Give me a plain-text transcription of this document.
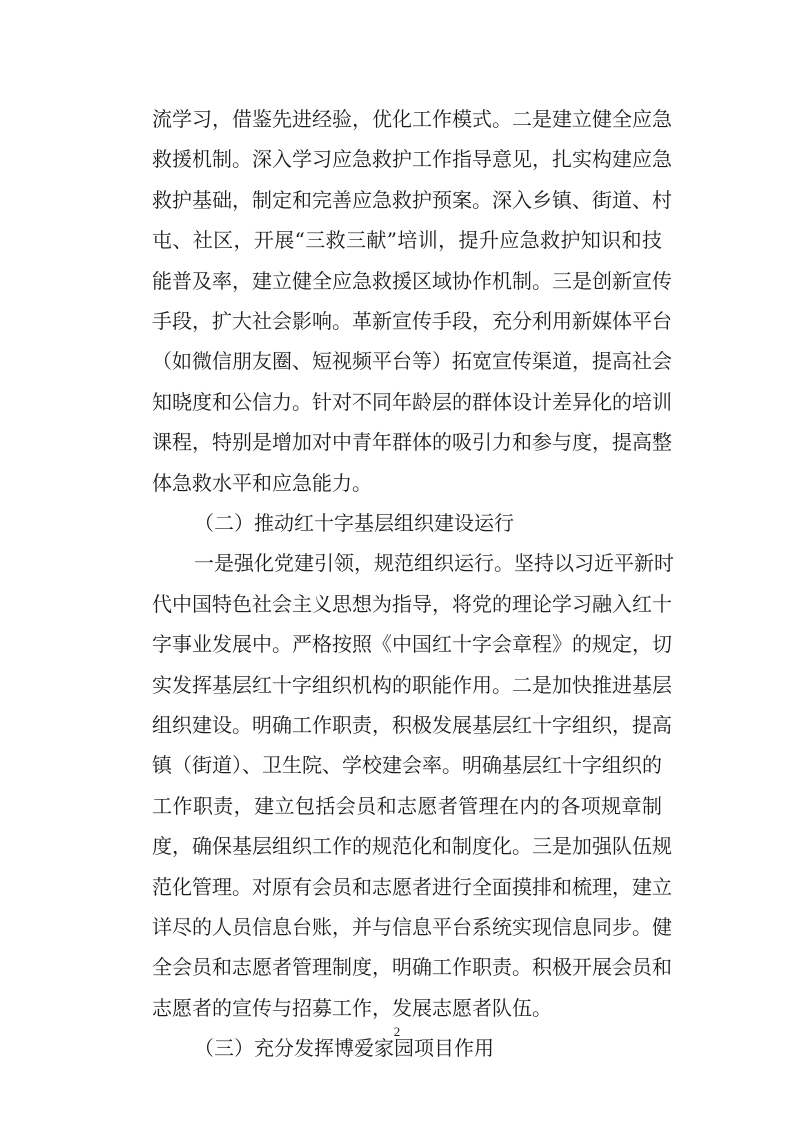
流学习，借鉴先进经验，优化工作模式。二是建立健全应急
救援机制。深入学习应急救护工作指导意见，扎实构建应急
救护基础，制定和完善应急救护预案。深入乡镇、街道、村
屯、社区，开展“三救三献”培训，提升应急救护知识和技
能普及率，建立健全应急救援区域协作机制。三是创新宣传
手段，扩大社会影响。革新宣传手段，充分利用新媒体平台
（如微信朋友圈、短视频平台等）拓宽宣传渠道，提高社会
知晓度和公信力。针对不同年龄层的群体设计差异化的培训
课程，特别是增加对中青年群体的吸引力和参与度，提高整
体急救水平和应急能力。
（二）推动红十字基层组织建设运行
一是强化党建引领，规范组织运行。坚持以习近平新时
代中国特色社会主义思想为指导，将党的理论学习融入红十
字事业发展中。严格按照《中国红十字会章程》的规定，切
实发挥基层红十字组织机构的职能作用。二是加快推进基层
组织建设。明确工作职责，积极发展基层红十字组织，提高
镇（街道）、卫生院、学校建会率。明确基层红十字组织的
工作职责，建立包括会员和志愿者管理在内的各项规章制
度，确保基层组织工作的规范化和制度化。三是加强队伍规
范化管理。对原有会员和志愿者进行全面摸排和梳理，建立
详尽的人员信息台账，并与信息平台系统实现信息同步。健
全会员和志愿者管理制度，明确工作职责。积极开展会员和
志愿者的宣传与招募工作，发展志愿者队伍。
（三）充分发挥博爱家园项目作用
2
